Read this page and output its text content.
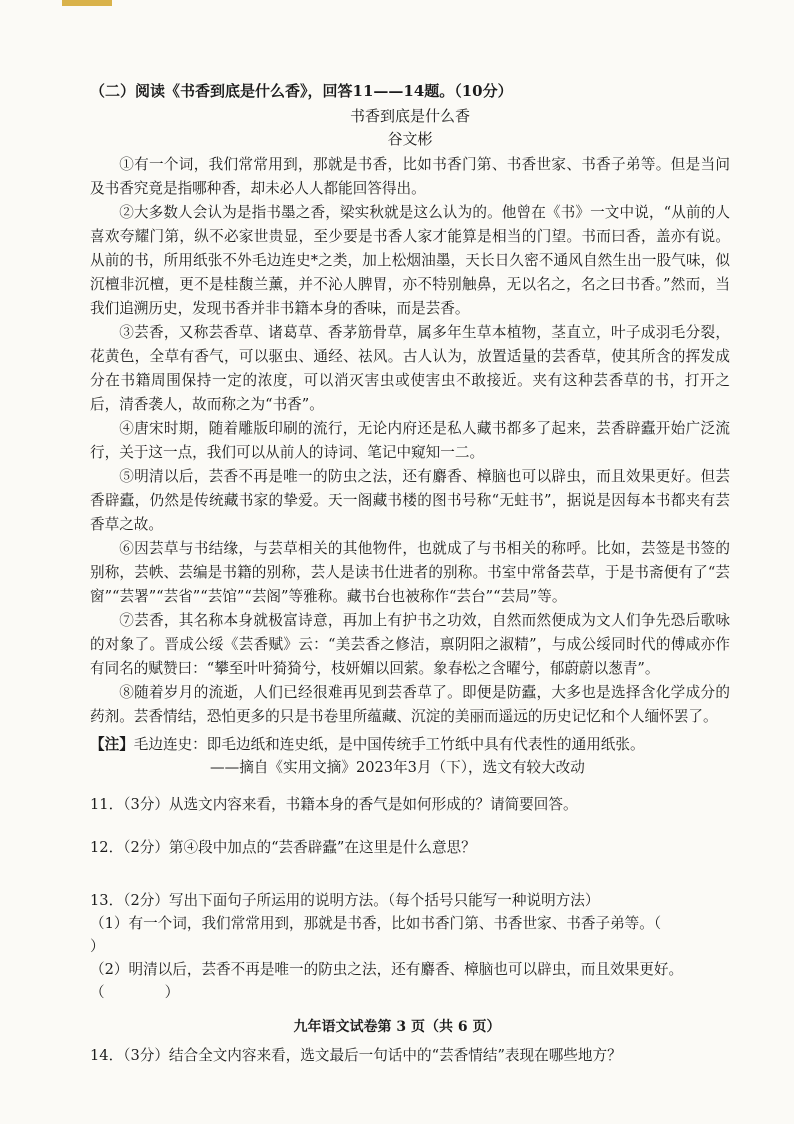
（二）阅读《书香到底是什么香》，回答11——14题。（10分）

书香到底是什么香

谷文彬

①有一个词，我们常常用到，那就是书香，比如书香门第、书香世家、书香子弟等。但是当问及书香究竟是指哪种香，却未必人人都能回答得出。

②大多数人会认为是指书墨之香，梁实秋就是这么认为的。他曾在《书》一文中说，“从前的人喜欢夸耀门第，纵不必家世贵显，至少要是书香人家才能算是相当的门望。书而曰香，盖亦有说。从前的书，所用纸张不外毛边连史*之类，加上松烟油墨，天长日久密不通风自然生出一股气味，似沉檀非沉檀，更不是桂馥兰薰，并不沁人脾胃，亦不特别触鼻，无以名之，名之曰书香。”然而，当我们追溯历史，发现书香并非书籍本身的香味，而是芸香。

③芸香，又称芸香草、诸葛草、香茅筋骨草，属多年生草本植物，茎直立，叶子成羽毛分裂，花黄色，全草有香气，可以驱虫、通经、祛风。古人认为，放置适量的芸香草，使其所含的挥发成分在书籍周围保持一定的浓度，可以消灭害虫或使害虫不敢接近。夹有这种芸香草的书，打开之后，清香袭人，故而称之为“书香”。

④唐宋时期，随着雕版印刷的流行，无论内府还是私人藏书都多了起来，芸香辟蠹开始广泛流行，关于这一点，我们可以从前人的诗词、笔记中窥知一二。

⑤明清以后，芸香不再是唯一的防虫之法，还有麝香、樟脑也可以辟虫，而且效果更好。但芸香辟蠹，仍然是传统藏书家的挚爱。天一阁藏书楼的图书号称“无蛀书”，据说是因每本书都夹有芸香草之故。

⑥因芸草与书结缘，与芸草相关的其他物件，也就成了与书相关的称呼。比如，芸签是书签的别称，芸帙、芸编是书籍的别称，芸人是读书仕进者的别称。书室中常备芸草，于是书斋便有了“芸窗”“芸署”“芸省”“芸馆”“芸阁”等雅称。藏书台也被称作“芸台”“芸局”等。

⑦芸香，其名称本身就极富诗意，再加上有护书之功效，自然而然便成为文人们争先恐后歌咏的对象了。晋成公绥《芸香赋》云：“美芸香之修洁，禀阴阳之淑精”，与成公绥同时代的傅咸亦作有同名的赋赞曰：“攀至叶叶猗猗兮，枝妍媚以回萦。象春松之含曜兮，郁蔚蔚以葱青”。

⑧随着岁月的流逝，人们已经很难再见到芸香草了。即便是防蠹，大多也是选择含化学成分的药剂。芸香情结，恐怕更多的只是书卷里所蕴藏、沉淀的美丽而遥远的历史记忆和个人缅怀罢了。

【注】毛边连史：即毛边纸和连史纸，是中国传统手工竹纸中具有代表性的通用纸张。

——摘自《实用文摘》2023年3月（下），选文有较大改动

11．（3分）从选文内容来看，书籍本身的香气是如何形成的？请简要回答。

12．（2分）第④段中加点的“芸香辟蠹”在这里是什么意思？

13．（2分）写出下面句子所运用的说明方法。（每个括号只能写一种说明方法）

（1）有一个词，我们常常用到，那就是书香，比如书香门第、书香世家、书香子弟等。（）

（2）明清以后，芸香不再是唯一的防虫之法，还有麝香、樟脑也可以辟虫，而且效果更好。

（	）

14．（3分）结合全文内容来看，选文最后一句话中的“芸香情结”表现在哪些地方？

九年语文试卷第 3 页（共 6 页）
